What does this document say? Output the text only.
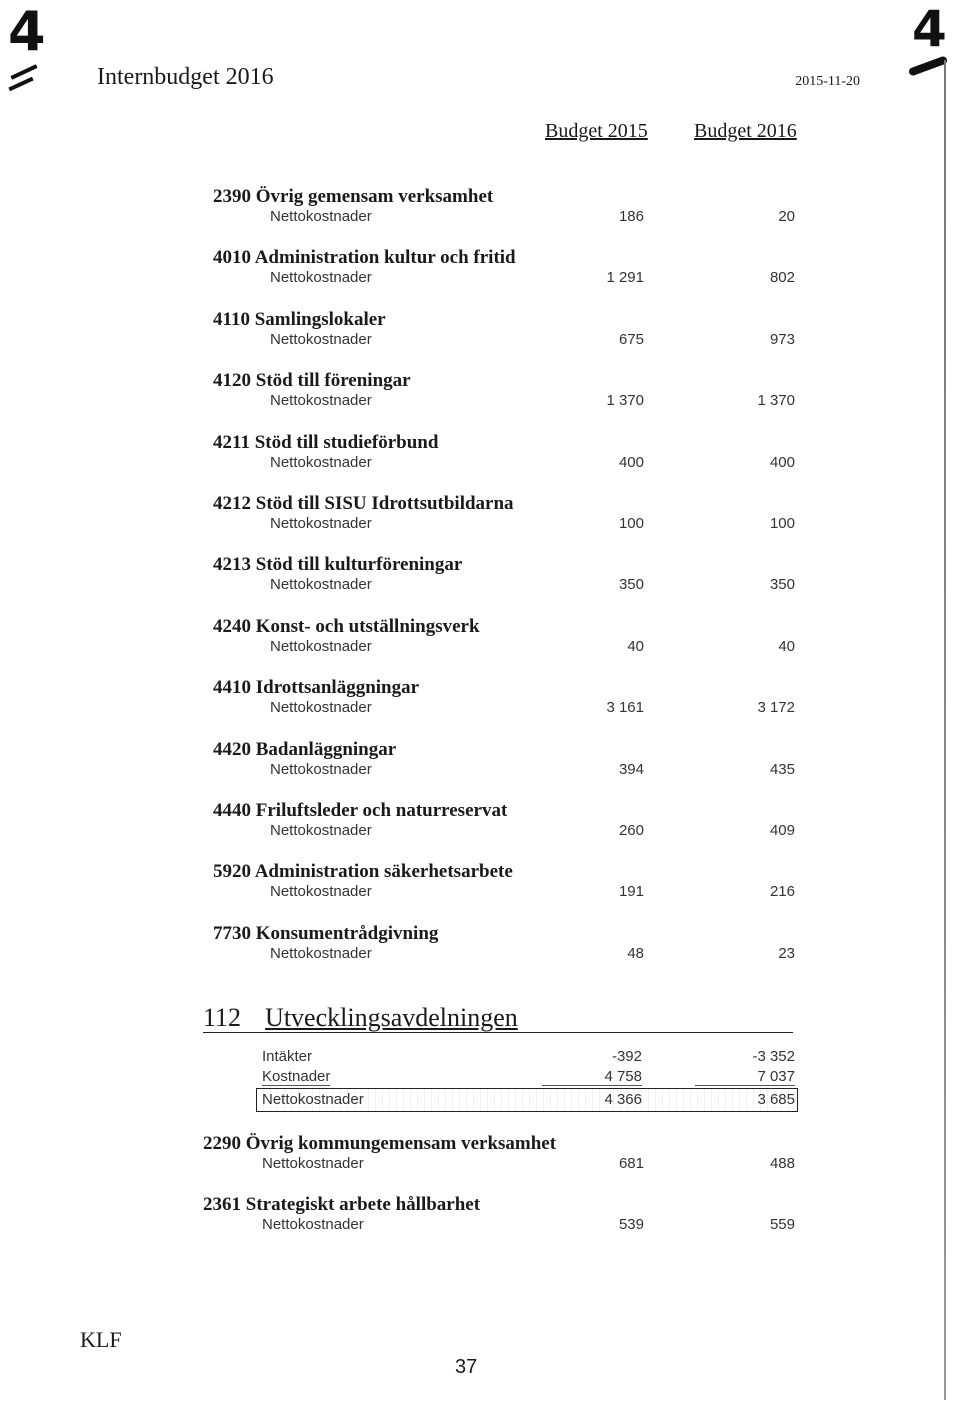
4	4
Internbudget 2016	2015-11-20
Budget 2015 Budget 2016
2390 Övrig gemensam verksamhet
Nettokostnader	186	20
4010 Administration kultur och fritid
Nettokostnader	1 291	802
4110 Samlingslokaler
Nettokostnader	675	973
4120 Stöd till föreningar
Nettokostnader	1 370	1 370
4211 Stöd till studieförbund
Nettokostnader	400	400
4212 Stöd till SISU Idrottsutbildarna
Nettokostnader	100	100
4213 Stöd till kulturföreningar
Nettokostnader	350	350
4240 Konst- och utställningsverk
Nettokostnader	40	40
4410 Idrottsanläggningar
Nettokostnader	3 161	3 172
4420 Badanläggningar
Nettokostnader	394	435
4440 Friluftsleder och naturreservat
Nettokostnader	260	409
5920 Administration säkerhetsarbete
Nettokostnader	191	216
7730 Konsumentrådgivning
Nettokostnader	48	23
112 Utvecklingsavdelningen
Intäkter	-392	-3 352
Kostnader	4 758	7 037
Nettokostnader	4 366	3 685
2290 Övrig kommungemensam verksamhet
Nettokostnader	681	488
2361 Strategiskt arbete hållbarhet
Nettokostnader	539	559
KLF
37
